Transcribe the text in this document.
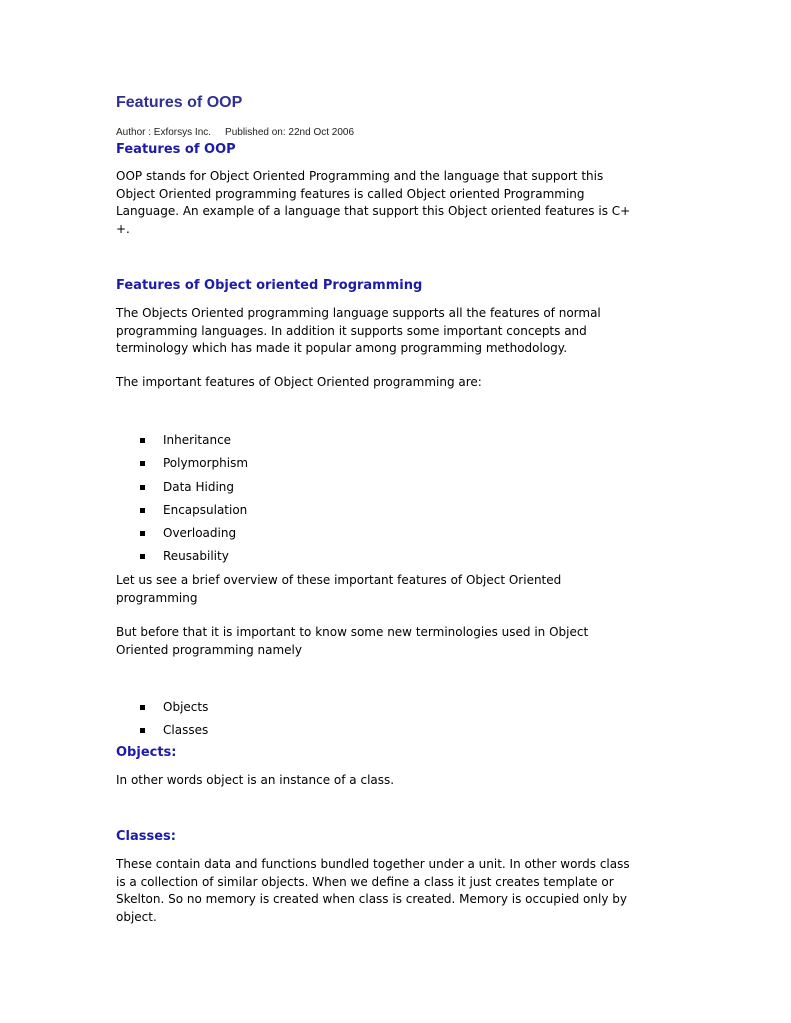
Features of OOP
Author : Exforsys Inc. Published on: 22nd Oct 2006
Features of OOP
OOP stands for Object Oriented Programming and the language that support this
Object Oriented programming features is called Object oriented Programming
Language. An example of a language that support this Object oriented features is C+
+.
Features of Object oriented Programming
The Objects Oriented programming language supports all the features of normal
programming languages. In addition it supports some important concepts and
terminology which has made it popular among programming methodology.
The important features of Object Oriented programming are:
Inheritance
Polymorphism
Data Hiding
Encapsulation
Overloading
Reusability
Let us see a brief overview of these important features of Object Oriented
programming
But before that it is important to know some new terminologies used in Object
Oriented programming namely
Objects
Classes
Objects:
In other words object is an instance of a class.
Classes:
These contain data and functions bundled together under a unit. In other words class
is a collection of similar objects. When we define a class it just creates template or
Skelton. So no memory is created when class is created. Memory is occupied only by
object.
